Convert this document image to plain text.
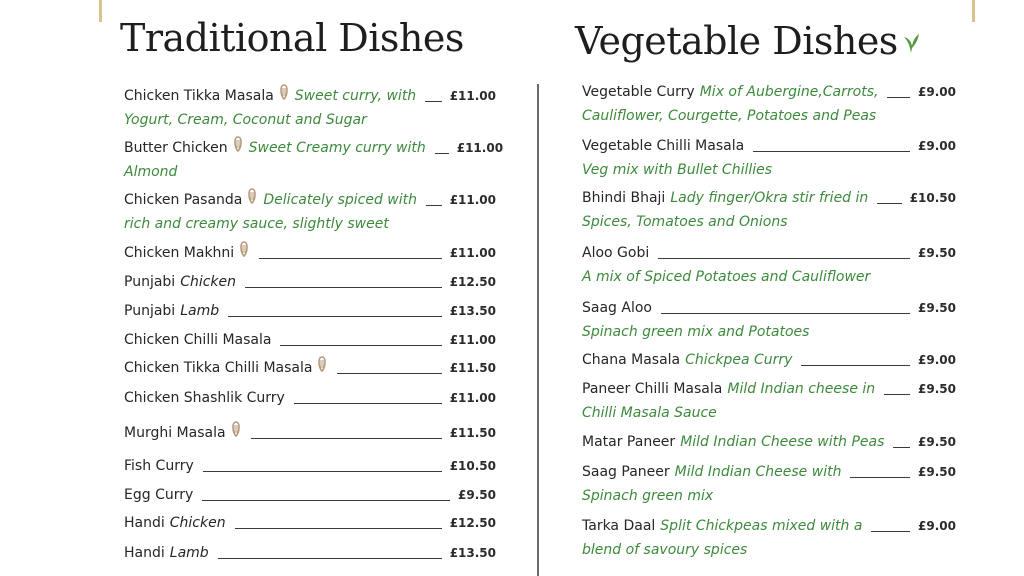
Traditional Dishes	Vegetable Dishes
Chicken Tikka Masala Sweet curry, with	£11.00
Yogurt, Cream, Coconut and Sugar
Butter Chicken Sweet Creamy curry with	£11.00
Almond
Chicken Pasanda Delicately spiced with	£11.00
rich and creamy sauce, slightly sweet
Chicken Makhni	£11.00
Punjabi Chicken	£12.50
Punjabi Lamb	£13.50
Chicken Chilli Masala	£11.00
Chicken Tikka Chilli Masala	£11.50
Chicken Shashlik Curry	£11.00
Murghi Masala	£11.50
Fish Curry	£10.50
Egg Curry	£9.50
Handi Chicken	£12.50
Handi Lamb	£13.50
Vegetable Curry Mix of Aubergine,Carrots,	£9.00
Cauliflower, Courgette, Potatoes and Peas
Vegetable Chilli Masala	£9.00
Veg mix with Bullet Chillies
Bhindi Bhaji Lady finger/Okra stir fried in	£10.50
Spices, Tomatoes and Onions
Aloo Gobi	£9.50
A mix of Spiced Potatoes and Cauliflower
Saag Aloo	£9.50
Spinach green mix and Potatoes
Chana Masala Chickpea Curry	£9.00
Paneer Chilli Masala Mild Indian cheese in	£9.50
Chilli Masala Sauce
Matar Paneer Mild Indian Cheese with Peas	£9.50
Saag Paneer Mild Indian Cheese with	£9.50
Spinach green mix
Tarka Daal Split Chickpeas mixed with a	£9.00
blend of savoury spices
